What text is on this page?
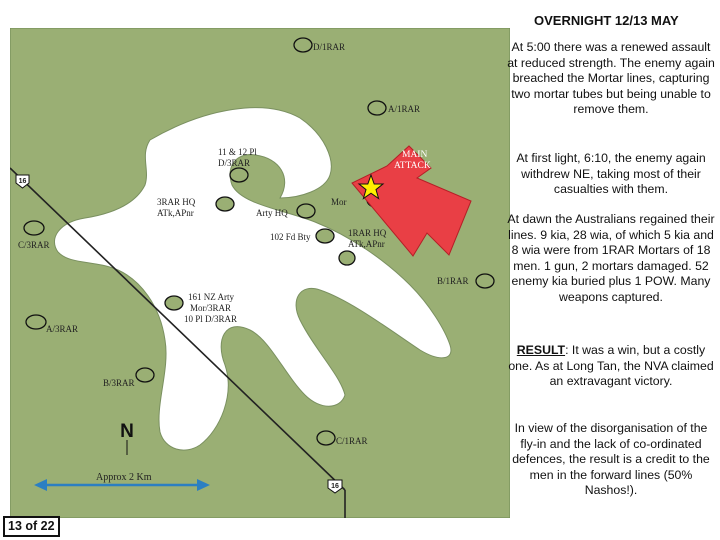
D/1RAR
A/1RAR
11 & 12 Pl
D/3RAR
3RAR HQ
ATk,APnr	Arty HQ
Mor
102 Fd Bty	1RAR HQ
ATk,APnr
C/3RAR
B/1RAR
161 NZ Arty
Mor/3RAR
10 Pl D/3RAR
A/3RAR
B/3RAR
C/1RAR
MAIN
ATTACK
16
16
N
Approx 2 Km
OVERNIGHT 12/13 MAY
At 5:00 there was a renewed assault at reduced strength. The enemy again breached the Mortar lines, capturing two mortar tubes but being unable to remove them.
At first light, 6:10, the enemy again withdrew NE, taking most of their casualties with them.
At dawn the Australians regained their lines. 9 kia, 28 wia, of which 5 kia and 8 wia were from 1RAR Mortars of 18 men. 1 gun, 2 mortars damaged. 52 enemy kia buried plus 1 POW. Many weapons captured.
RESULT: It was a win, but a costly one. As at Long Tan, the NVA claimed an extravagant victory.
In view of the disorganisation of the fly-in and the lack of co-ordinated defences, the result is a credit to the men in the forward lines (50% Nashos!).
13 of 22
